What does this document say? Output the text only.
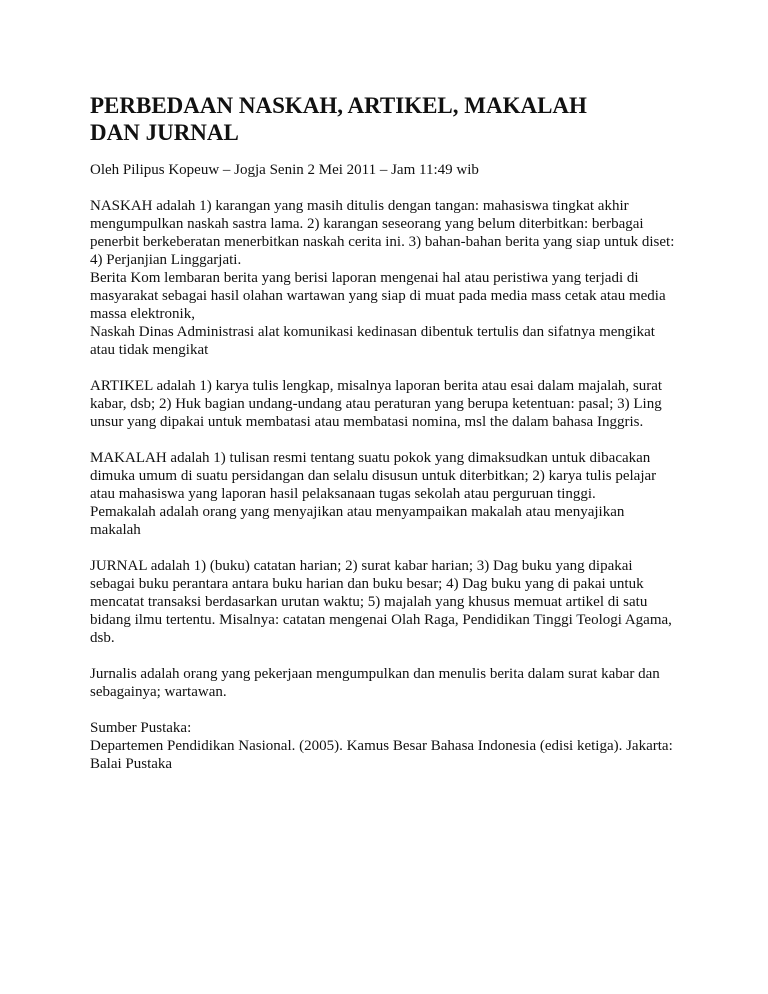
PERBEDAAN NASKAH, ARTIKEL, MAKALAH
DAN JURNAL

Oleh Pilipus Kopeuw – Jogja Senin 2 Mei 2011 – Jam 11:49 wib

NASKAH adalah 1) karangan yang masih ditulis dengan tangan: mahasiswa tingkat akhir
mengumpulkan naskah sastra lama. 2) karangan seseorang yang belum diterbitkan: berbagai
penerbit berkeberatan menerbitkan naskah cerita ini. 3) bahan-bahan berita yang siap untuk diset:
4) Perjanjian Linggarjati.
Berita Kom lembaran berita yang berisi laporan mengenai hal atau peristiwa yang terjadi di
masyarakat sebagai hasil olahan wartawan yang siap di muat pada media mass cetak atau media
massa elektronik,
Naskah Dinas Administrasi alat komunikasi kedinasan dibentuk tertulis dan sifatnya mengikat
atau tidak mengikat
ARTIKEL adalah 1) karya tulis lengkap, misalnya laporan berita atau esai dalam majalah, surat
kabar, dsb; 2) Huk bagian undang-undang atau peraturan yang berupa ketentuan: pasal; 3) Ling
unsur yang dipakai untuk membatasi atau membatasi nomina, msl the dalam bahasa Inggris.
MAKALAH adalah 1) tulisan resmi tentang suatu pokok yang dimaksudkan untuk dibacakan
dimuka umum di suatu persidangan dan selalu disusun untuk diterbitkan; 2) karya tulis pelajar
atau mahasiswa yang laporan hasil pelaksanaan tugas sekolah atau perguruan tinggi.
Pemakalah adalah orang yang menyajikan atau menyampaikan makalah atau menyajikan
makalah
JURNAL adalah 1) (buku) catatan harian; 2) surat kabar harian; 3) Dag buku yang dipakai
sebagai buku perantara antara buku harian dan buku besar; 4) Dag buku yang di pakai untuk
mencatat transaksi berdasarkan urutan waktu; 5) majalah yang khusus memuat artikel di satu
bidang ilmu tertentu. Misalnya: catatan mengenai Olah Raga, Pendidikan Tinggi Teologi Agama,
dsb.
Jurnalis adalah orang yang pekerjaan mengumpulkan dan menulis berita dalam surat kabar dan
sebagainya; wartawan.
Sumber Pustaka:
Departemen Pendidikan Nasional. (2005). Kamus Besar Bahasa Indonesia (edisi ketiga). Jakarta:
Balai Pustaka
